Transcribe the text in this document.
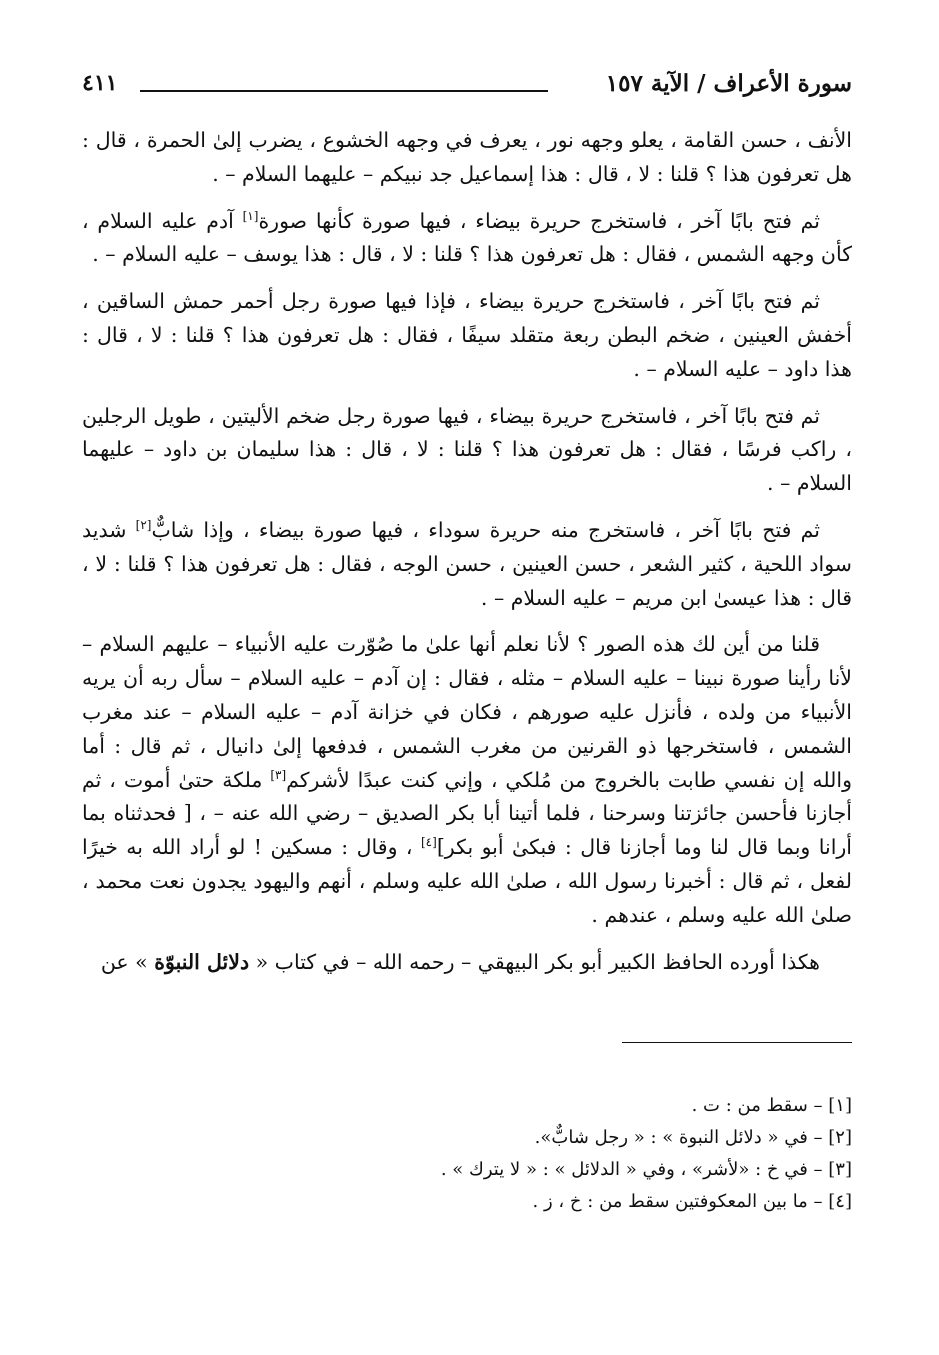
سورة الأعراف / الآية ١٥٧
٤١١

الأنف ، حسن القامة ، يعلو وجهه نور ، يعرف في وجهه الخشوع ، يضرب إلىٰ الحمرة ، قال : هل تعرفون هذا ؟ قلنا : لا ، قال : هذا إسماعيل جد نبيكم – عليهما السلام – .

ثم فتح بابًا آخر ، فاستخرج حريرة بيضاء ، فيها صورة كأنها صورة[١] آدم عليه السلام ، كأن وجهه الشمس ، فقال : هل تعرفون هذا ؟ قلنا : لا ، قال : هذا يوسف – عليه السلام – .

ثم فتح بابًا آخر ، فاستخرج حريرة بيضاء ، فإذا فيها صورة رجل أحمر حمش الساقين ، أخفش العينين ، ضخم البطن ربعة متقلد سيفًا ، فقال : هل تعرفون هذا ؟ قلنا : لا ، قال : هذا داود – عليه السلام – .

ثم فتح بابًا آخر ، فاستخرج حريرة بيضاء ، فيها صورة رجل ضخم الأليتين ، طويل الرجلين ، راكب فرسًا ، فقال : هل تعرفون هذا ؟ قلنا : لا ، قال : هذا سليمان بن داود – عليهما السلام – .

ثم فتح بابًا آخر ، فاستخرج منه حريرة سوداء ، فيها صورة بيضاء ، وإذا شابٌّ[٢] شديد سواد اللحية ، كثير الشعر ، حسن العينين ، حسن الوجه ، فقال : هل تعرفون هذا ؟ قلنا : لا ، قال : هذا عيسىٰ ابن مريم – عليه السلام – .

قلنا من أين لك هذه الصور ؟ لأنا نعلم أنها علىٰ ما صُوّرت عليه الأنبياء – عليهم السلام – لأنا رأينا صورة نبينا – عليه السلام – مثله ، فقال : إن آدم – عليه السلام – سأل ربه أن يريه الأنبياء من ولده ، فأنزل عليه صورهم ، فكان في خزانة آدم – عليه السلام – عند مغرب الشمس ، فاستخرجها ذو القرنين من مغرب الشمس ، فدفعها إلىٰ دانيال ، ثم قال : أما والله إن نفسي طابت بالخروج من مُلكي ، وإني كنت عبدًا لأشركم[٣] ملكة حتىٰ أموت ، ثم أجازنا فأحسن جائزتنا وسرحنا ، فلما أتينا أبا بكر الصديق – رضي الله عنه – ، [ فحدثناه بما أرانا وبما قال لنا وما أجازنا قال : فبكىٰ أبو بكر][٤] ، وقال : مسكين ! لو أراد الله به خيرًا لفعل ، ثم قال : أخبرنا رسول الله ، صلىٰ الله عليه وسلم ، أنهم واليهود يجدون نعت محمد ، صلىٰ الله عليه وسلم ، عندهم .

هكذا أورده الحافظ الكبير أبو بكر البيهقي – رحمه الله – في كتاب « دلائل النبوّة » عن

[١] – سقط من : ت .
[٢] – في « دلائل النبوة » : « رجل شابٌّ».
[٣] – في خ : «لأشر» ، وفي « الدلائل » : « لا يترك » .
[٤] – ما بين المعكوفتين سقط من : خ ، ز .
